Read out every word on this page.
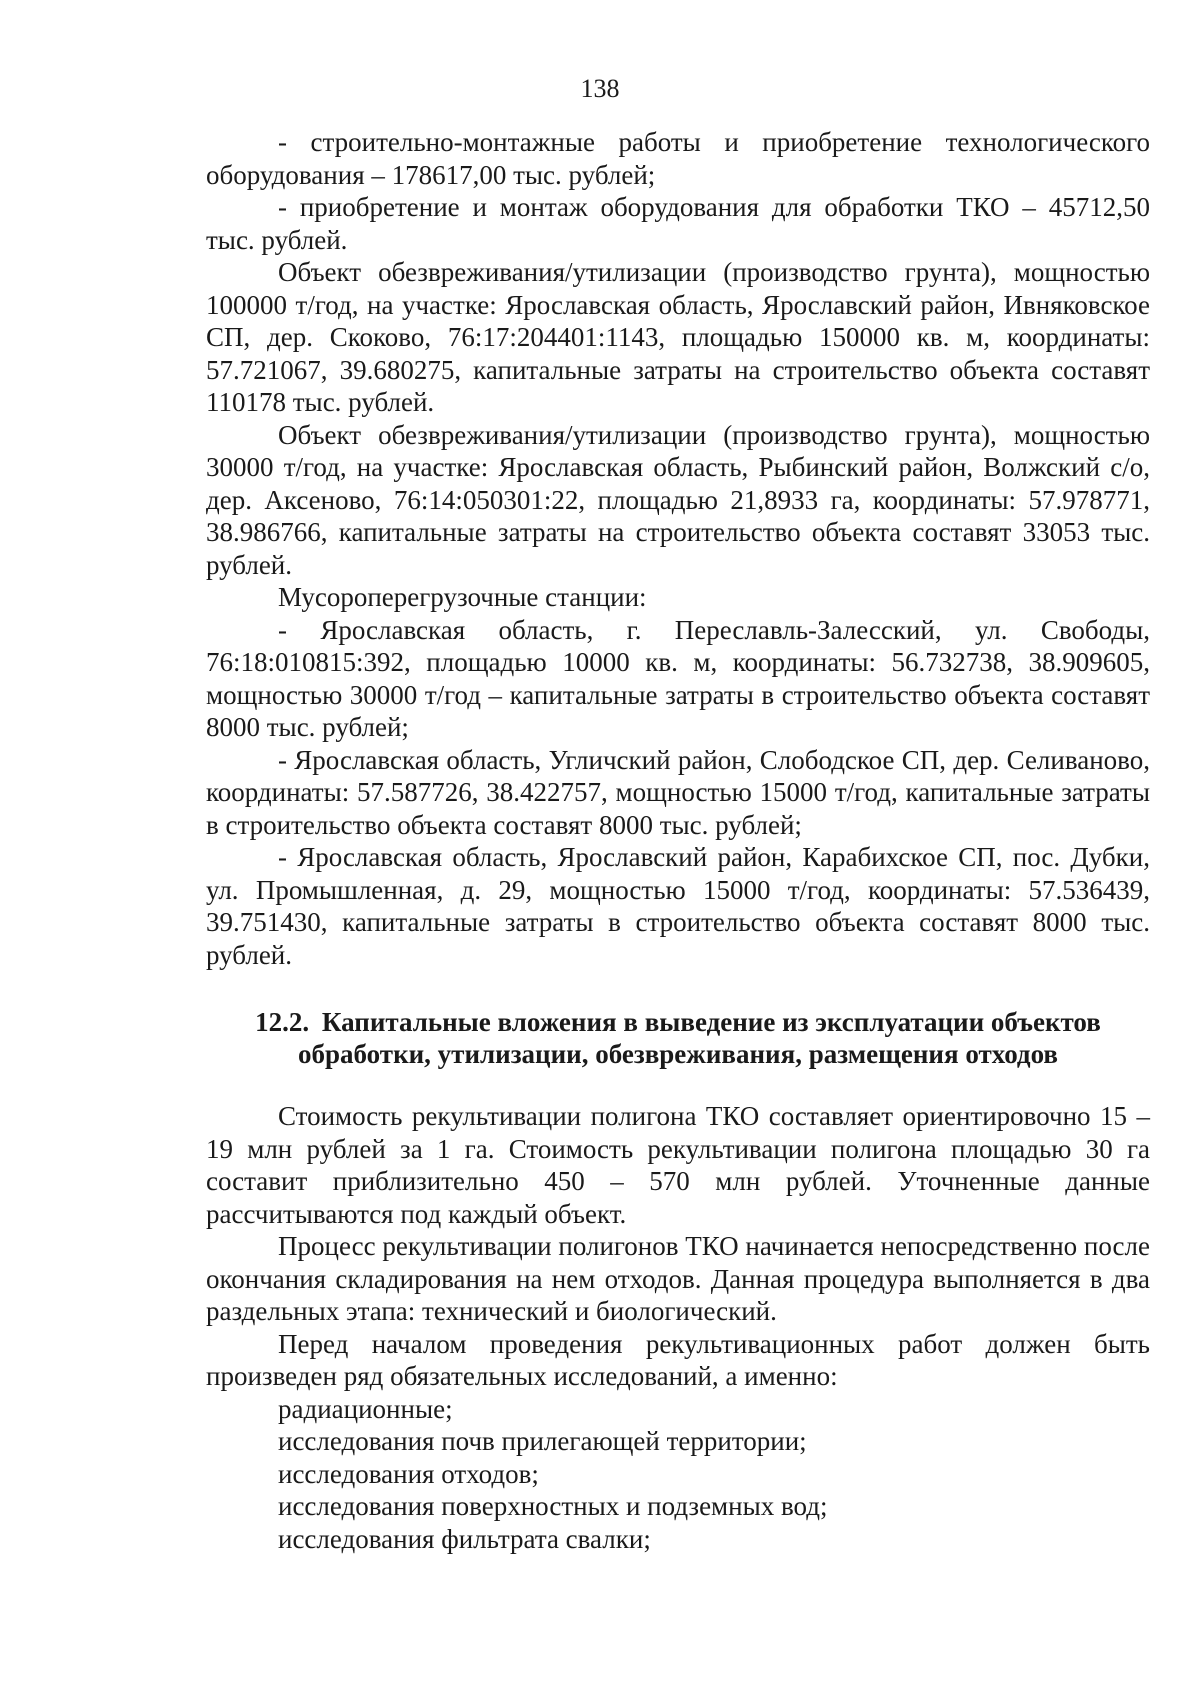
138

- строительно-монтажные работы и приобретение технологического оборудования – 178617,00 тыс. рублей;

- приобретение и монтаж оборудования для обработки ТКО – 45712,50 тыс. рублей.

Объект обезвреживания/утилизации (производство грунта), мощностью 100000 т/год, на участке: Ярославская область, Ярославский район, Ивняковское СП, дер. Скоково, 76:17:204401:1143, площадью 150000 кв. м, координаты: 57.721067, 39.680275, капитальные затраты на строительство объекта составят 110178 тыс. рублей.

Объект обезвреживания/утилизации (производство грунта), мощностью 30000 т/год, на участке: Ярославская область, Рыбинский район, Волжский с/о, дер. Аксеново, 76:14:050301:22, площадью 21,8933 га, координаты: 57.978771, 38.986766, капитальные затраты на строительство объекта составят 33053 тыс. рублей.

Мусороперегрузочные станции:

- Ярославская область, г. Переславль-Залесский, ул. Свободы, 76:18:010815:392, площадью 10000 кв. м, координаты: 56.732738, 38.909605, мощностью 30000 т/год – капитальные затраты в строительство объекта составят 8000 тыс. рублей;

- Ярославская область, Угличский район, Слободское СП, дер. Селиваново, координаты: 57.587726, 38.422757, мощностью 15000 т/год, капитальные затраты в строительство объекта составят 8000 тыс. рублей;

- Ярославская область, Ярославский район, Карабихское СП, пос. Дубки, ул. Промышленная, д. 29, мощностью 15000 т/год, координаты: 57.536439, 39.751430, капитальные затраты в строительство объекта составят 8000 тыс. рублей.

12.2. Капитальные вложения в выведение из эксплуатации объектов обработки, утилизации, обезвреживания, размещения отходов

Стоимость рекультивации полигона ТКО составляет ориентировочно 15 – 19 млн рублей за 1 га. Стоимость рекультивации полигона площадью 30 га составит приблизительно 450 – 570 млн рублей. Уточненные данные рассчитываются под каждый объект.

Процесс рекультивации полигонов ТКО начинается непосредственно после окончания складирования на нем отходов. Данная процедура выполняется в два раздельных этапа: технический и биологический.

Перед началом проведения рекультивационных работ должен быть произведен ряд обязательных исследований, а именно:

радиационные;

исследования почв прилегающей территории;

исследования отходов;

исследования поверхностных и подземных вод;

исследования фильтрата свалки;
